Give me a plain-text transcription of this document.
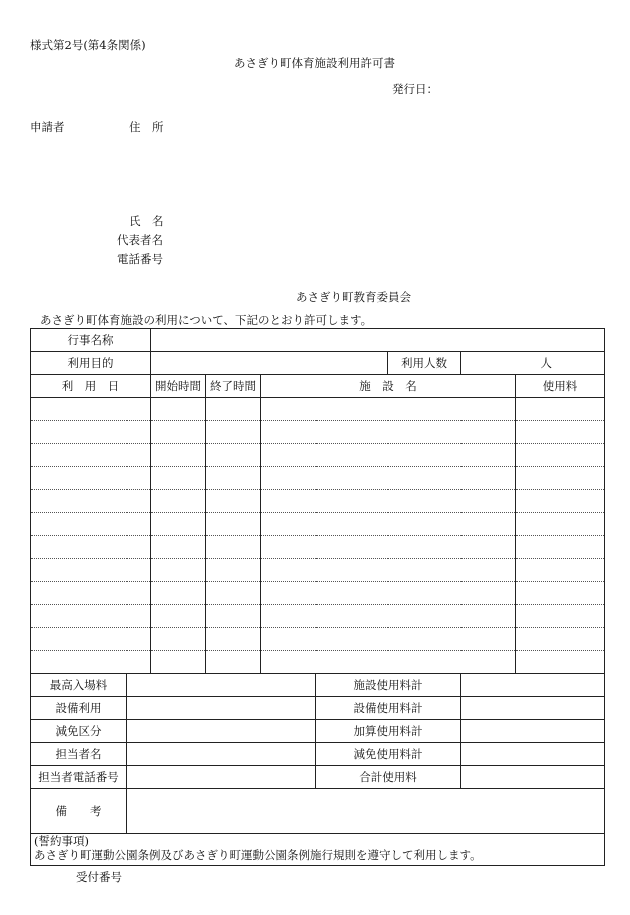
様式第2号(第4条関係)
あさぎり町体育施設利用許可書
発行日：
申請者	住　所
氏　名
代表者名
電話番号
あさぎり町教育委員会
あさぎり町体育施設の利用について、下記のとおり許可します。
行事名称								
利用目的						利用人数	人	
利　用　日		開始時間	終了時間	施　設　名				使用料

最高入場料					施設使用料計			
設備利用					設備使用料計			
減免区分					加算使用料計			
担当者名					減免使用料計			
担当者電話番号					合計使用料			
備　　考								

(誓約事項)
あさぎり町運動公園条例及びあさぎり町運動公園条例施行規則を遵守して利用します。								
受付番号
